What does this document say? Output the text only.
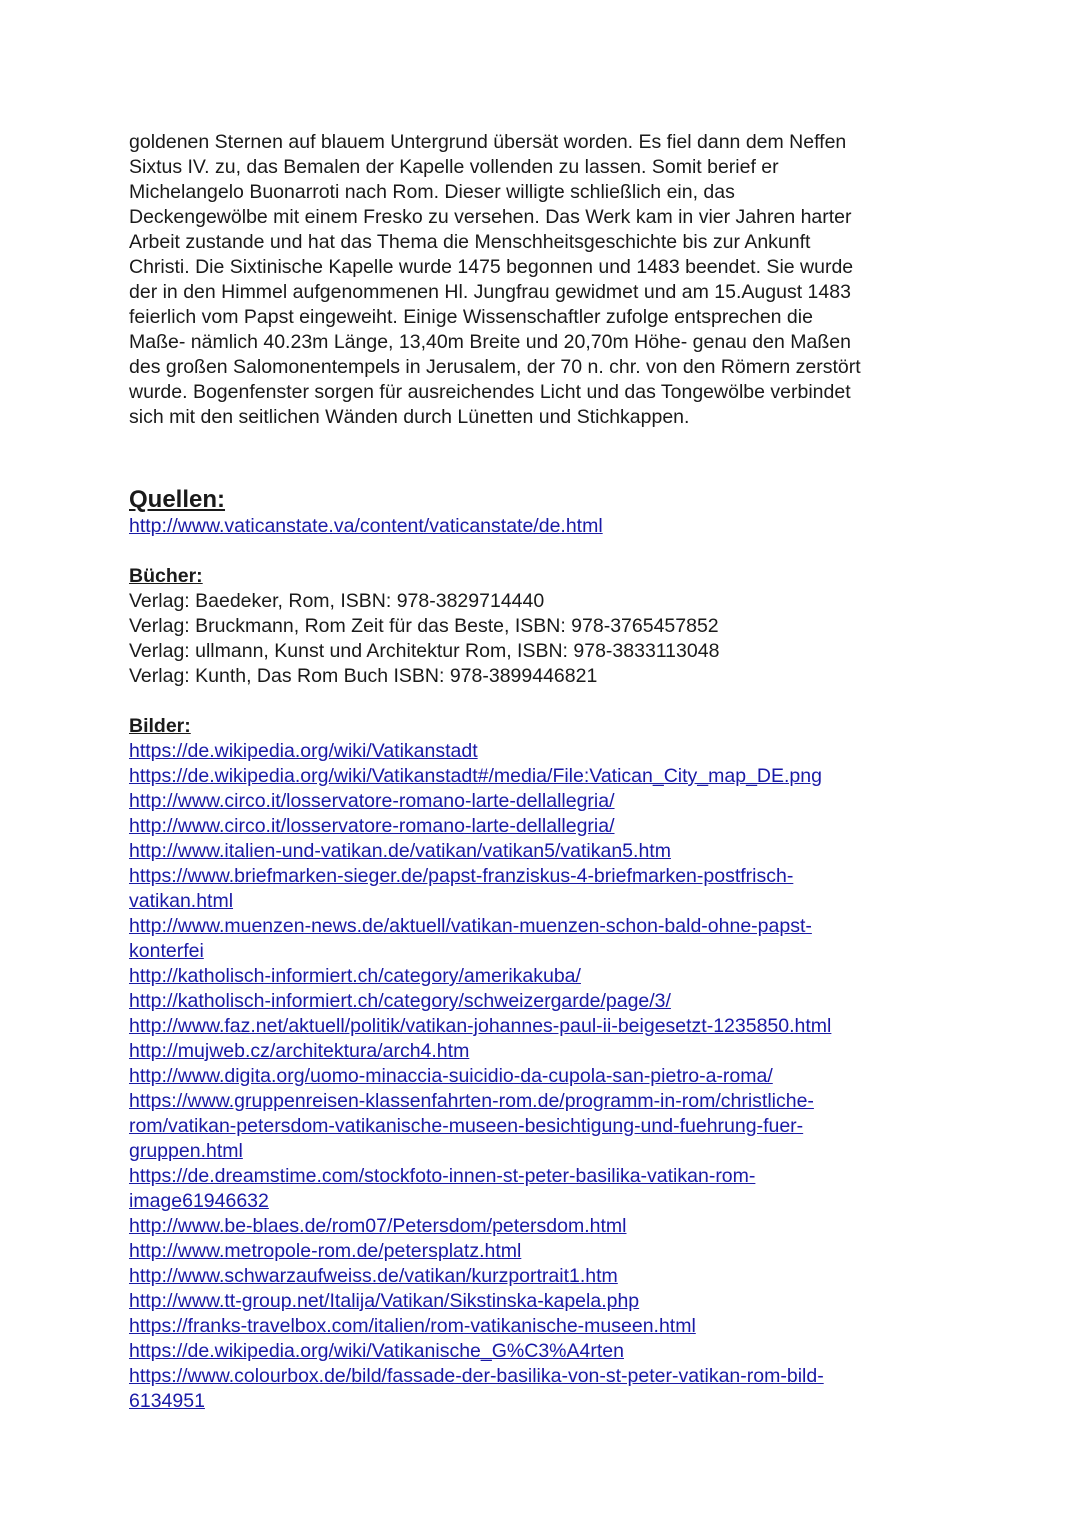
goldenen Sternen auf blauem Untergrund übersät worden. Es fiel dann dem Neffen
Sixtus IV. zu, das Bemalen der Kapelle vollenden zu lassen. Somit berief er
Michelangelo Buonarroti nach Rom. Dieser willigte schließlich ein, das
Deckengewölbe mit einem Fresko zu versehen. Das Werk kam in vier Jahren harter
Arbeit zustande und hat das Thema die Menschheitsgeschichte bis zur Ankunft
Christi. Die Sixtinische Kapelle wurde 1475 begonnen und 1483 beendet. Sie wurde
der in den Himmel aufgenommenen Hl. Jungfrau gewidmet und am 15.August 1483
feierlich vom Papst eingeweiht. Einige Wissenschaftler zufolge entsprechen die
Maße- nämlich 40.23m Länge, 13,40m Breite und 20,70m Höhe- genau den Maßen
des großen Salomonentempels in Jerusalem, der 70 n. chr. von den Römern zerstört
wurde. Bogenfenster sorgen für ausreichendes Licht und das Tongewölbe verbindet
sich mit den seitlichen Wänden durch Lünetten und Stichkappen.
Quellen:
http://www.vaticanstate.va/content/vaticanstate/de.html
Bücher:
Verlag: Baedeker, Rom, ISBN: 978-3829714440
Verlag: Bruckmann, Rom Zeit für das Beste, ISBN: 978-3765457852
Verlag: ullmann, Kunst und Architektur Rom, ISBN: 978-3833113048
Verlag: Kunth, Das Rom Buch ISBN: 978-3899446821
Bilder:
https://de.wikipedia.org/wiki/Vatikanstadt
https://de.wikipedia.org/wiki/Vatikanstadt#/media/File:Vatican_City_map_DE.png
http://www.circo.it/losservatore-romano-larte-dellallegria/
http://www.circo.it/losservatore-romano-larte-dellallegria/
http://www.italien-und-vatikan.de/vatikan/vatikan5/vatikan5.htm
https://www.briefmarken-sieger.de/papst-franziskus-4-briefmarken-postfrisch-
vatikan.html
http://www.muenzen-news.de/aktuell/vatikan-muenzen-schon-bald-ohne-papst-
konterfei
http://katholisch-informiert.ch/category/amerikakuba/
http://katholisch-informiert.ch/category/schweizergarde/page/3/
http://www.faz.net/aktuell/politik/vatikan-johannes-paul-ii-beigesetzt-1235850.html
http://mujweb.cz/architektura/arch4.htm
http://www.digita.org/uomo-minaccia-suicidio-da-cupola-san-pietro-a-roma/
https://www.gruppenreisen-klassenfahrten-rom.de/programm-in-rom/christliche-
rom/vatikan-petersdom-vatikanische-museen-besichtigung-und-fuehrung-fuer-
gruppen.html
https://de.dreamstime.com/stockfoto-innen-st-peter-basilika-vatikan-rom-
image61946632
http://www.be-blaes.de/rom07/Petersdom/petersdom.html
http://www.metropole-rom.de/petersplatz.html
http://www.schwarzaufweiss.de/vatikan/kurzportrait1.htm
http://www.tt-group.net/Italija/Vatikan/Sikstinska-kapela.php
https://franks-travelbox.com/italien/rom-vatikanische-museen.html
https://de.wikipedia.org/wiki/Vatikanische_G%C3%A4rten
https://www.colourbox.de/bild/fassade-der-basilika-von-st-peter-vatikan-rom-bild-
6134951
